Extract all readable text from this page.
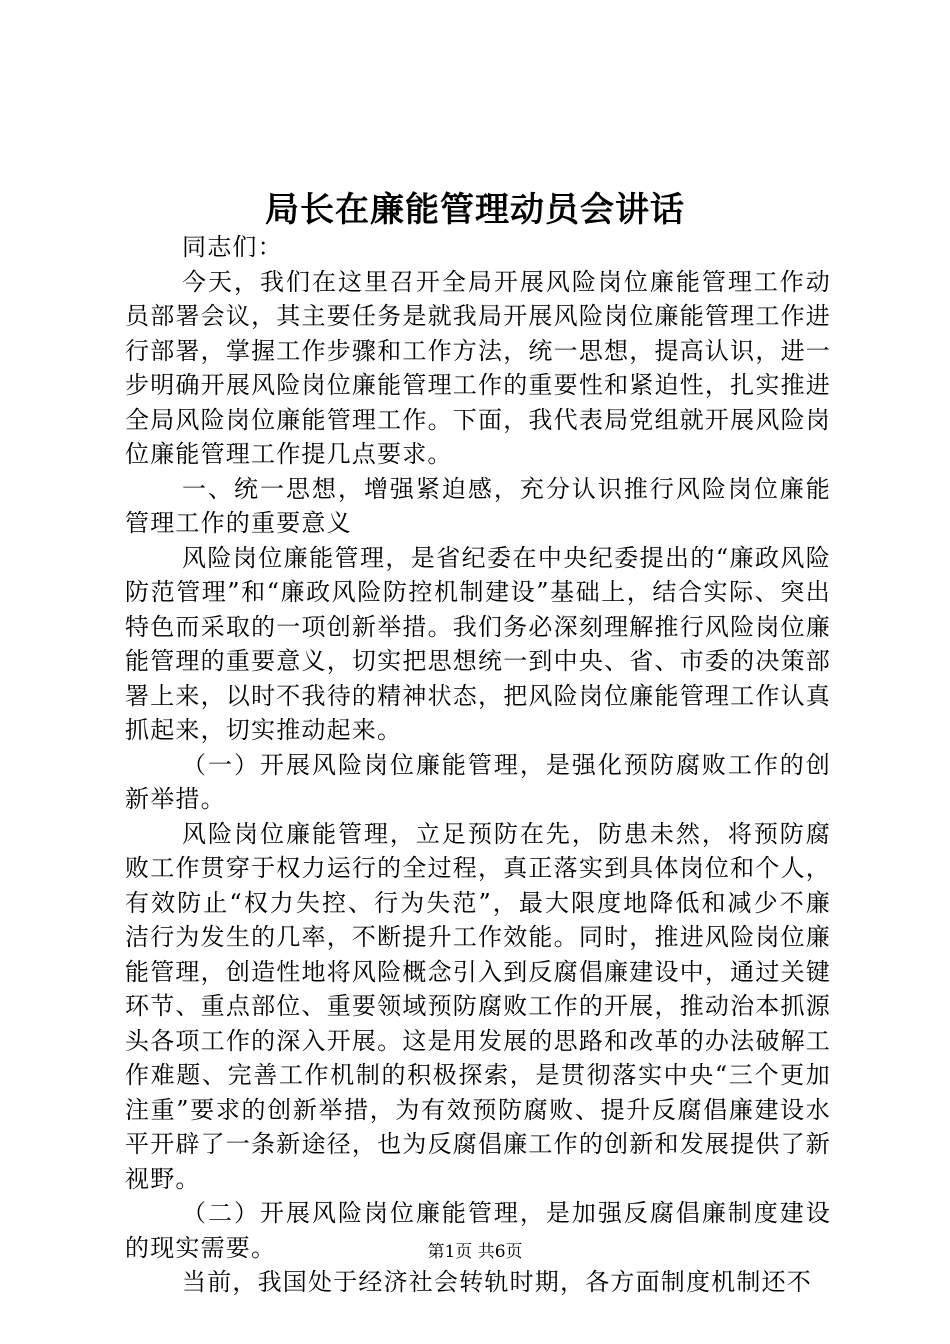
局长在廉能管理动员会讲话

同志们：

今天，我们在这里召开全局开展风险岗位廉能管理工作动员部署会议，其主要任务是就我局开展风险岗位廉能管理工作进行部署，掌握工作步骤和工作方法，统一思想，提高认识，进一步明确开展风险岗位廉能管理工作的重要性和紧迫性，扎实推进全局风险岗位廉能管理工作。下面，我代表局党组就开展风险岗位廉能管理工作提几点要求。

一、统一思想，增强紧迫感，充分认识推行风险岗位廉能管理工作的重要意义

风险岗位廉能管理，是省纪委在中央纪委提出的“廉政风险防范管理”和“廉政风险防控机制建设”基础上，结合实际、突出特色而采取的一项创新举措。我们务必深刻理解推行风险岗位廉能管理的重要意义，切实把思想统一到中央、省、市委的决策部署上来，以时不我待的精神状态，把风险岗位廉能管理工作认真抓起来，切实推动起来。

（一）开展风险岗位廉能管理，是强化预防腐败工作的创新举措。

风险岗位廉能管理，立足预防在先，防患未然，将预防腐败工作贯穿于权力运行的全过程，真正落实到具体岗位和个人，有效防止“权力失控、行为失范”，最大限度地降低和减少不廉洁行为发生的几率，不断提升工作效能。同时，推进风险岗位廉能管理，创造性地将风险概念引入到反腐倡廉建设中，通过关键环节、重点部位、重要领域预防腐败工作的开展，推动治本抓源头各项工作的深入开展。这是用发展的思路和改革的办法破解工作难题、完善工作机制的积极探索，是贯彻落实中央“三个更加注重”要求的创新举措，为有效预防腐败、提升反腐倡廉建设水平开辟了一条新途径，也为反腐倡廉工作的创新和发展提供了新视野。

（二）开展风险岗位廉能管理，是加强反腐倡廉制度建设的现实需要。

当前，我国处于经济社会转轨时期，各方面制度机制还不

第1页 共6页
